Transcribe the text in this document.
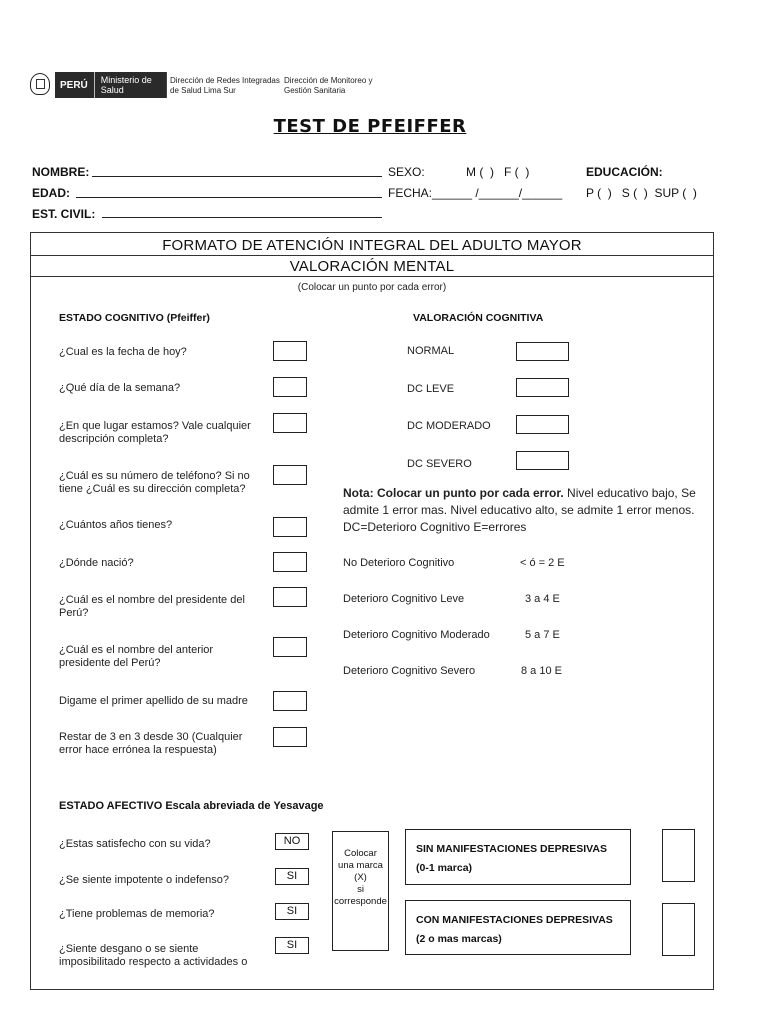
PERÚ	Ministerio de Salud
Dirección de Redes Integradas
de Salud Lima Sur
Dirección de Monitoreo y
Gestión Sanitaria
TEST DE PFEIFFER
NOMBRE:	SEXO:	M (  )   F (  )	EDUCACIÓN:
EDAD:	FECHA:______ /______/______ P (  )   S (  )  SUP (  )
EST. CIVIL:
FORMATO DE ATENCIÓN INTEGRAL DEL ADULTO MAYOR
VALORACIÓN MENTAL
(Colocar un punto por cada error)
ESTADO COGNITIVO (Pfeiffer)
¿Cual es la fecha de hoy?
¿Qué día de la semana?
¿En que lugar estamos? Vale cualquier
descripción completa?
¿Cuál es su número de teléfono? Si no
tiene ¿Cuál es su dirección completa?
¿Cuántos años tienes?
¿Dónde nació?
¿Cuál es el nombre del presidente del
Perú?
¿Cuál es el nombre del anterior
presidente del Perú?
Digame el primer apellido de su madre
Restar de 3 en 3 desde 30 (Cualquier
error hace errónea la respuesta)
VALORACIÓN COGNITIVA
NORMAL
DC LEVE
DC MODERADO
DC SEVERO
Nota: Colocar un punto por cada error. Nivel educativo bajo, Se
admite 1 error mas. Nivel educativo alto, se admite 1 error menos.
DC=Deterioro Cognitivo E=errores
No Deterioro Cognitivo	< ó = 2 E
Deterioro Cognitivo Leve	3 a 4 E
Deterioro Cognitivo Moderado	5 a 7 E
Deterioro Cognitivo Severo	8 a 10 E
ESTADO AFECTIVO Escala abreviada de Yesavage
¿Estas satisfecho con su vida?	NO
¿Se siente impotente o indefenso?	SI
¿Tiene problemas de memoria?	SI
¿Siente desgano o se siente
imposibilitado respecto a actividades o
SI
Colocar
una marca
(X)
si
corresponde
SIN MANIFESTACIONES DEPRESIVAS
(0-1 marca)
CON MANIFESTACIONES DEPRESIVAS
(2 o mas marcas)
